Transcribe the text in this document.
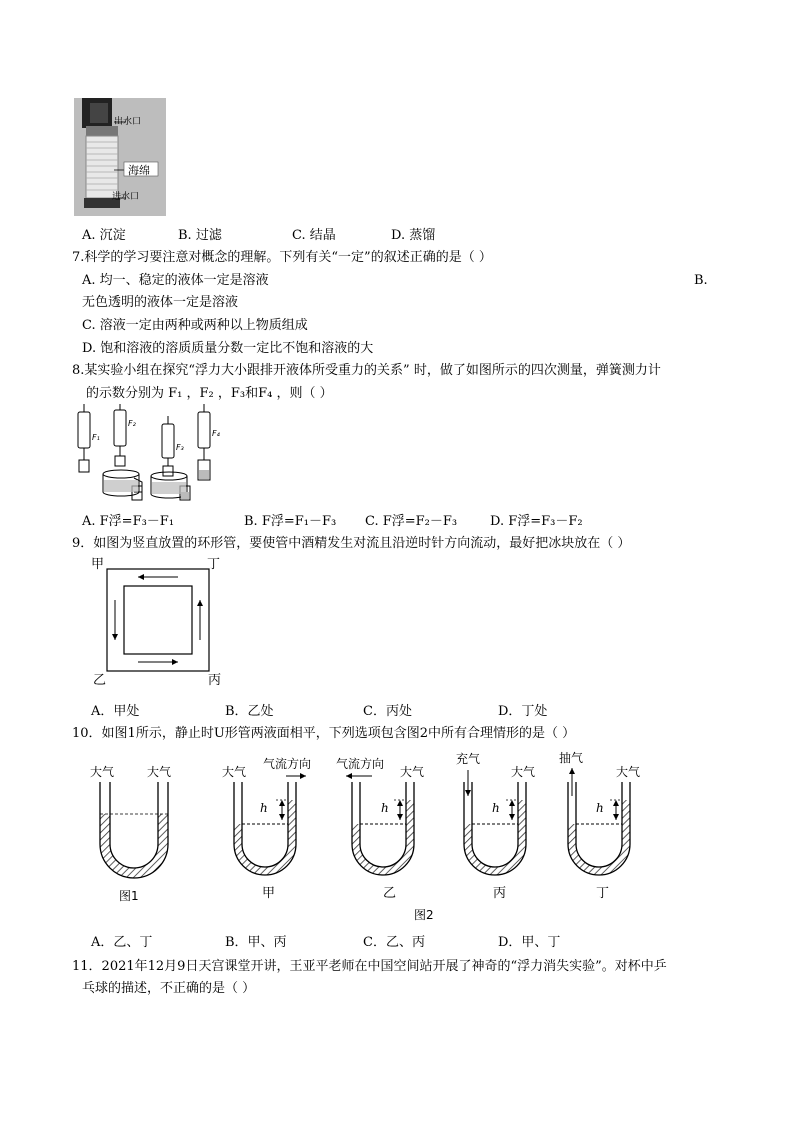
出水口
海绵
进水口
A. 沉淀	B. 过滤	C. 结晶	D. 蒸馏
7.科学的学习要注意对概念的理解。下列有关“一定”的叙述正确的是（ ）
A. 均一、稳定的液体一定是溶液	B.
无色透明的液体一定是溶液
C. 溶液一定由两种或两种以上物质组成
D. 饱和溶液的溶质质量分数一定比不饱和溶液的大
8.某实验小组在探究“浮力大小跟排开液体所受重力的关系” 时，做了如图所示的四次测量，弹簧测力计
的示数分别为 F₁ ，F₂ ，F₃和F₄ ，则（ ）
F₁
F₂
F₃
F₄
A. F浮=F₃－F₁	B. F浮=F₁－F₃ C. F浮=F₂－F₃	D. F浮=F₃－F₂
9．如图为竖直放置的环形管，要使管中酒精发生对流且沿逆时针方向流动，最好把冰块放在（ ）
甲	丁
乙	丙
A．甲处	B．乙处	C．丙处	D．丁处
10．如图1所示，静止时U形管两液面相平，下列选项包含图2中所有合理情形的是（ ）
大气	大气
图1
大气
气流方向
h
甲
气流方向
大气
h
乙
充气
大气
h
丙
抽气
大气
h
丁
图2
A．乙、丁	B．甲、丙	C．乙、丙	D．甲、丁
11．2021年12月9日天宫课堂开讲，王亚平老师在中国空间站开展了神奇的“浮力消失实验”。对杯中乒
乓球的描述，不正确的是（ ）
